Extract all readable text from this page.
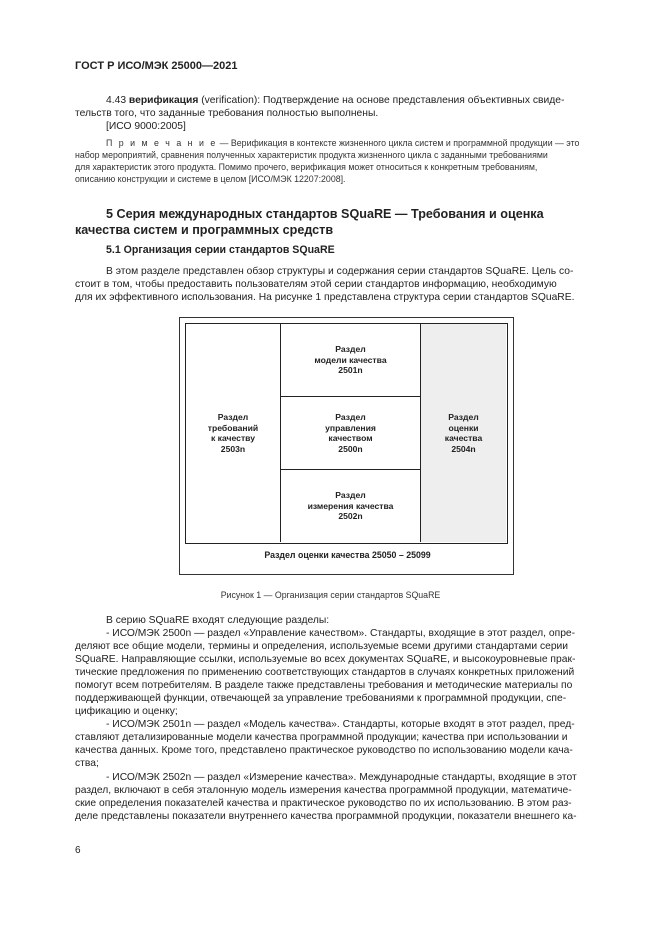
ГОСТ Р ИСО/МЭК 25000—2021
4.43 верификация (verification): Подтверждение на основе представления объективных свиде-
тельств того, что заданные требования полностью выполнены.
[ИСО 9000:2005]
П р и м е ч а н и е — Верификация в контексте жизненного цикла систем и программной продукции — это
набор мероприятий, сравнения полученных характеристик продукта жизненного цикла с заданными требованиями
для характеристик этого продукта. Помимо прочего, верификация может относиться к конкретным требованиям,
описанию конструкции и системе в целом [ИСО/МЭК 12207:2008].
5 Серия международных стандартов SQuaRE — Требования и оценка
качества систем и программных средств
5.1 Организация серии стандартов SQuaRE
В этом разделе представлен обзор структуры и содержания серии стандартов SQuaRE. Цель со-
стоит в том, чтобы предоставить пользователям этой серии стандартов информацию, необходимую
для их эффективного использования. На рисунке 1 представлена структура серии стандартов SQuaRE.
Раздел
требований
к качеству
2503n
Раздел
модели качества
2501n
Раздел
управления
качеством
2500n
Раздел
измерения качества
2502n
Раздел
оценки
качества
2504n
Раздел оценки качества 25050 – 25099
Рисунок 1 — Организация серии стандартов SQuaRE
В серию SQuaRE входят следующие разделы:
- ИСО/МЭК 2500n — раздел «Управление качеством». Стандарты, входящие в этот раздел, опре-
деляют все общие модели, термины и определения, используемые всеми другими стандартами серии
SQuaRE. Направляющие ссылки, используемые во всех документах SQuaRE, и высокоуровневые прак-
тические предложения по применению соответствующих стандартов в случаях конкретных приложений
помогут всем потребителям. В разделе также представлены требования и методические материалы по
поддерживающей функции, отвечающей за управление требованиями к программной продукции, спе-
цификацию и оценку;
- ИСО/МЭК 2501n — раздел «Модель качества». Стандарты, которые входят в этот раздел, пред-
ставляют детализированные модели качества программной продукции; качества при использовании и
качества данных. Кроме того, представлено практическое руководство по использованию модели кача-
ства;
- ИСО/МЭК 2502n — раздел «Измерение качества». Международные стандарты, входящие в этот
раздел, включают в себя эталонную модель измерения качества программной продукции, математиче-
ские определения показателей качества и практическое руководство по их использованию. В этом раз-
деле представлены показатели внутреннего качества программной продукции, показатели внешнего ка-
6
